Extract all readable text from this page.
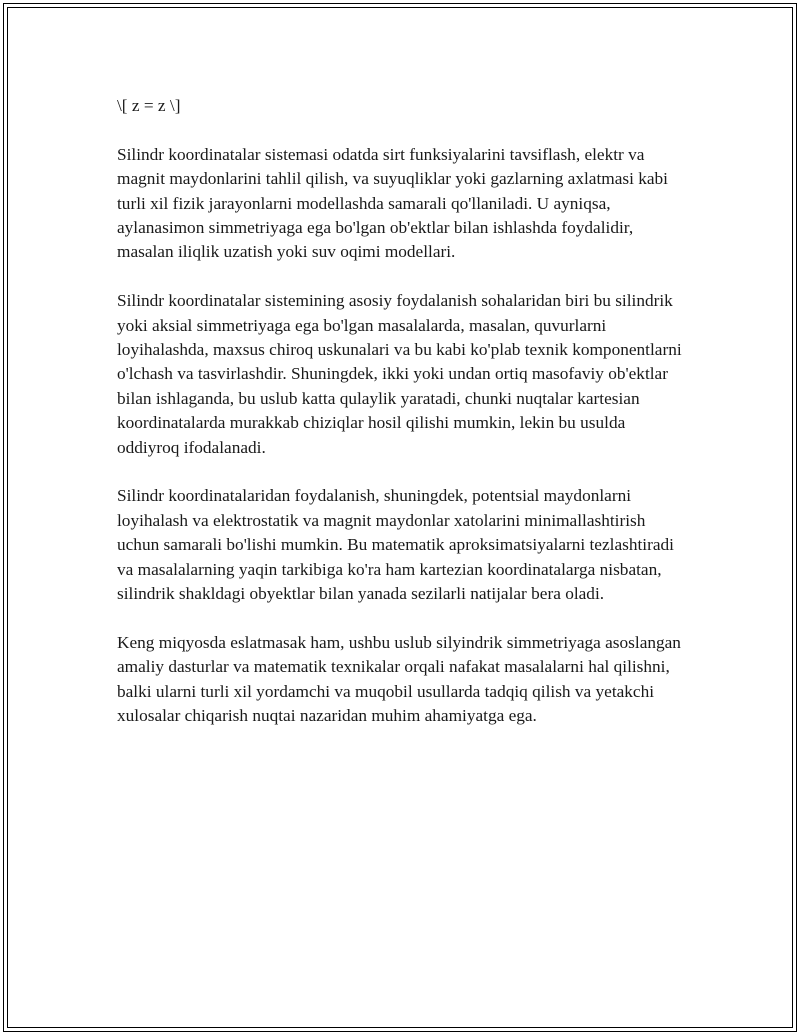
\[ z = z \]

Silindr koordinatalar sistemasi odatda sirt funksiyalarini tavsiflash, elektr va magnit maydonlarini tahlil qilish, va suyuqliklar yoki gazlarning axlatmasi kabi turli xil fizik jarayonlarni modellashda samarali qo'llaniladi. U ayniqsa, aylanasimon simmetriyaga ega bo'lgan ob'ektlar bilan ishlashda foydalidir, masalan iliqlik uzatish yoki suv oqimi modellari.

Silindr koordinatalar sistemining asosiy foydalanish sohalaridan biri bu silindrik yoki aksial simmetriyaga ega bo'lgan masalalarda, masalan, quvurlarni loyihalashda, maxsus chiroq uskunalari va bu kabi ko'plab texnik komponentlarni o'lchash va tasvirlashdir. Shuningdek, ikki yoki undan ortiq masofaviy ob'ektlar bilan ishlaganda, bu uslub katta qulaylik yaratadi, chunki nuqtalar kartesian koordinatalarda murakkab chiziqlar hosil qilishi mumkin, lekin bu usulda oddiyroq ifodalanadi.

Silindr koordinatalaridan foydalanish, shuningdek, potentsial maydonlarni loyihalash va elektrostatik va magnit maydonlar xatolarini minimallashtirish uchun samarali bo'lishi mumkin. Bu matematik aproksimatsiyalarni tezlashtiradi va masalalarning yaqin tarkibiga ko'ra ham kartezian koordinatalarga nisbatan, silindrik shakldagi obyektlar bilan yanada sezilarli natijalar bera oladi.

Keng miqyosda eslatmasak ham, ushbu uslub silyindrik simmetriyaga asoslangan amaliy dasturlar va matematik texnikalar orqali nafakat masalalarni hal qilishni, balki ularni turli xil yordamchi va muqobil usullarda tadqiq qilish va yetakchi xulosalar chiqarish nuqtai nazaridan muhim ahamiyatga ega.
